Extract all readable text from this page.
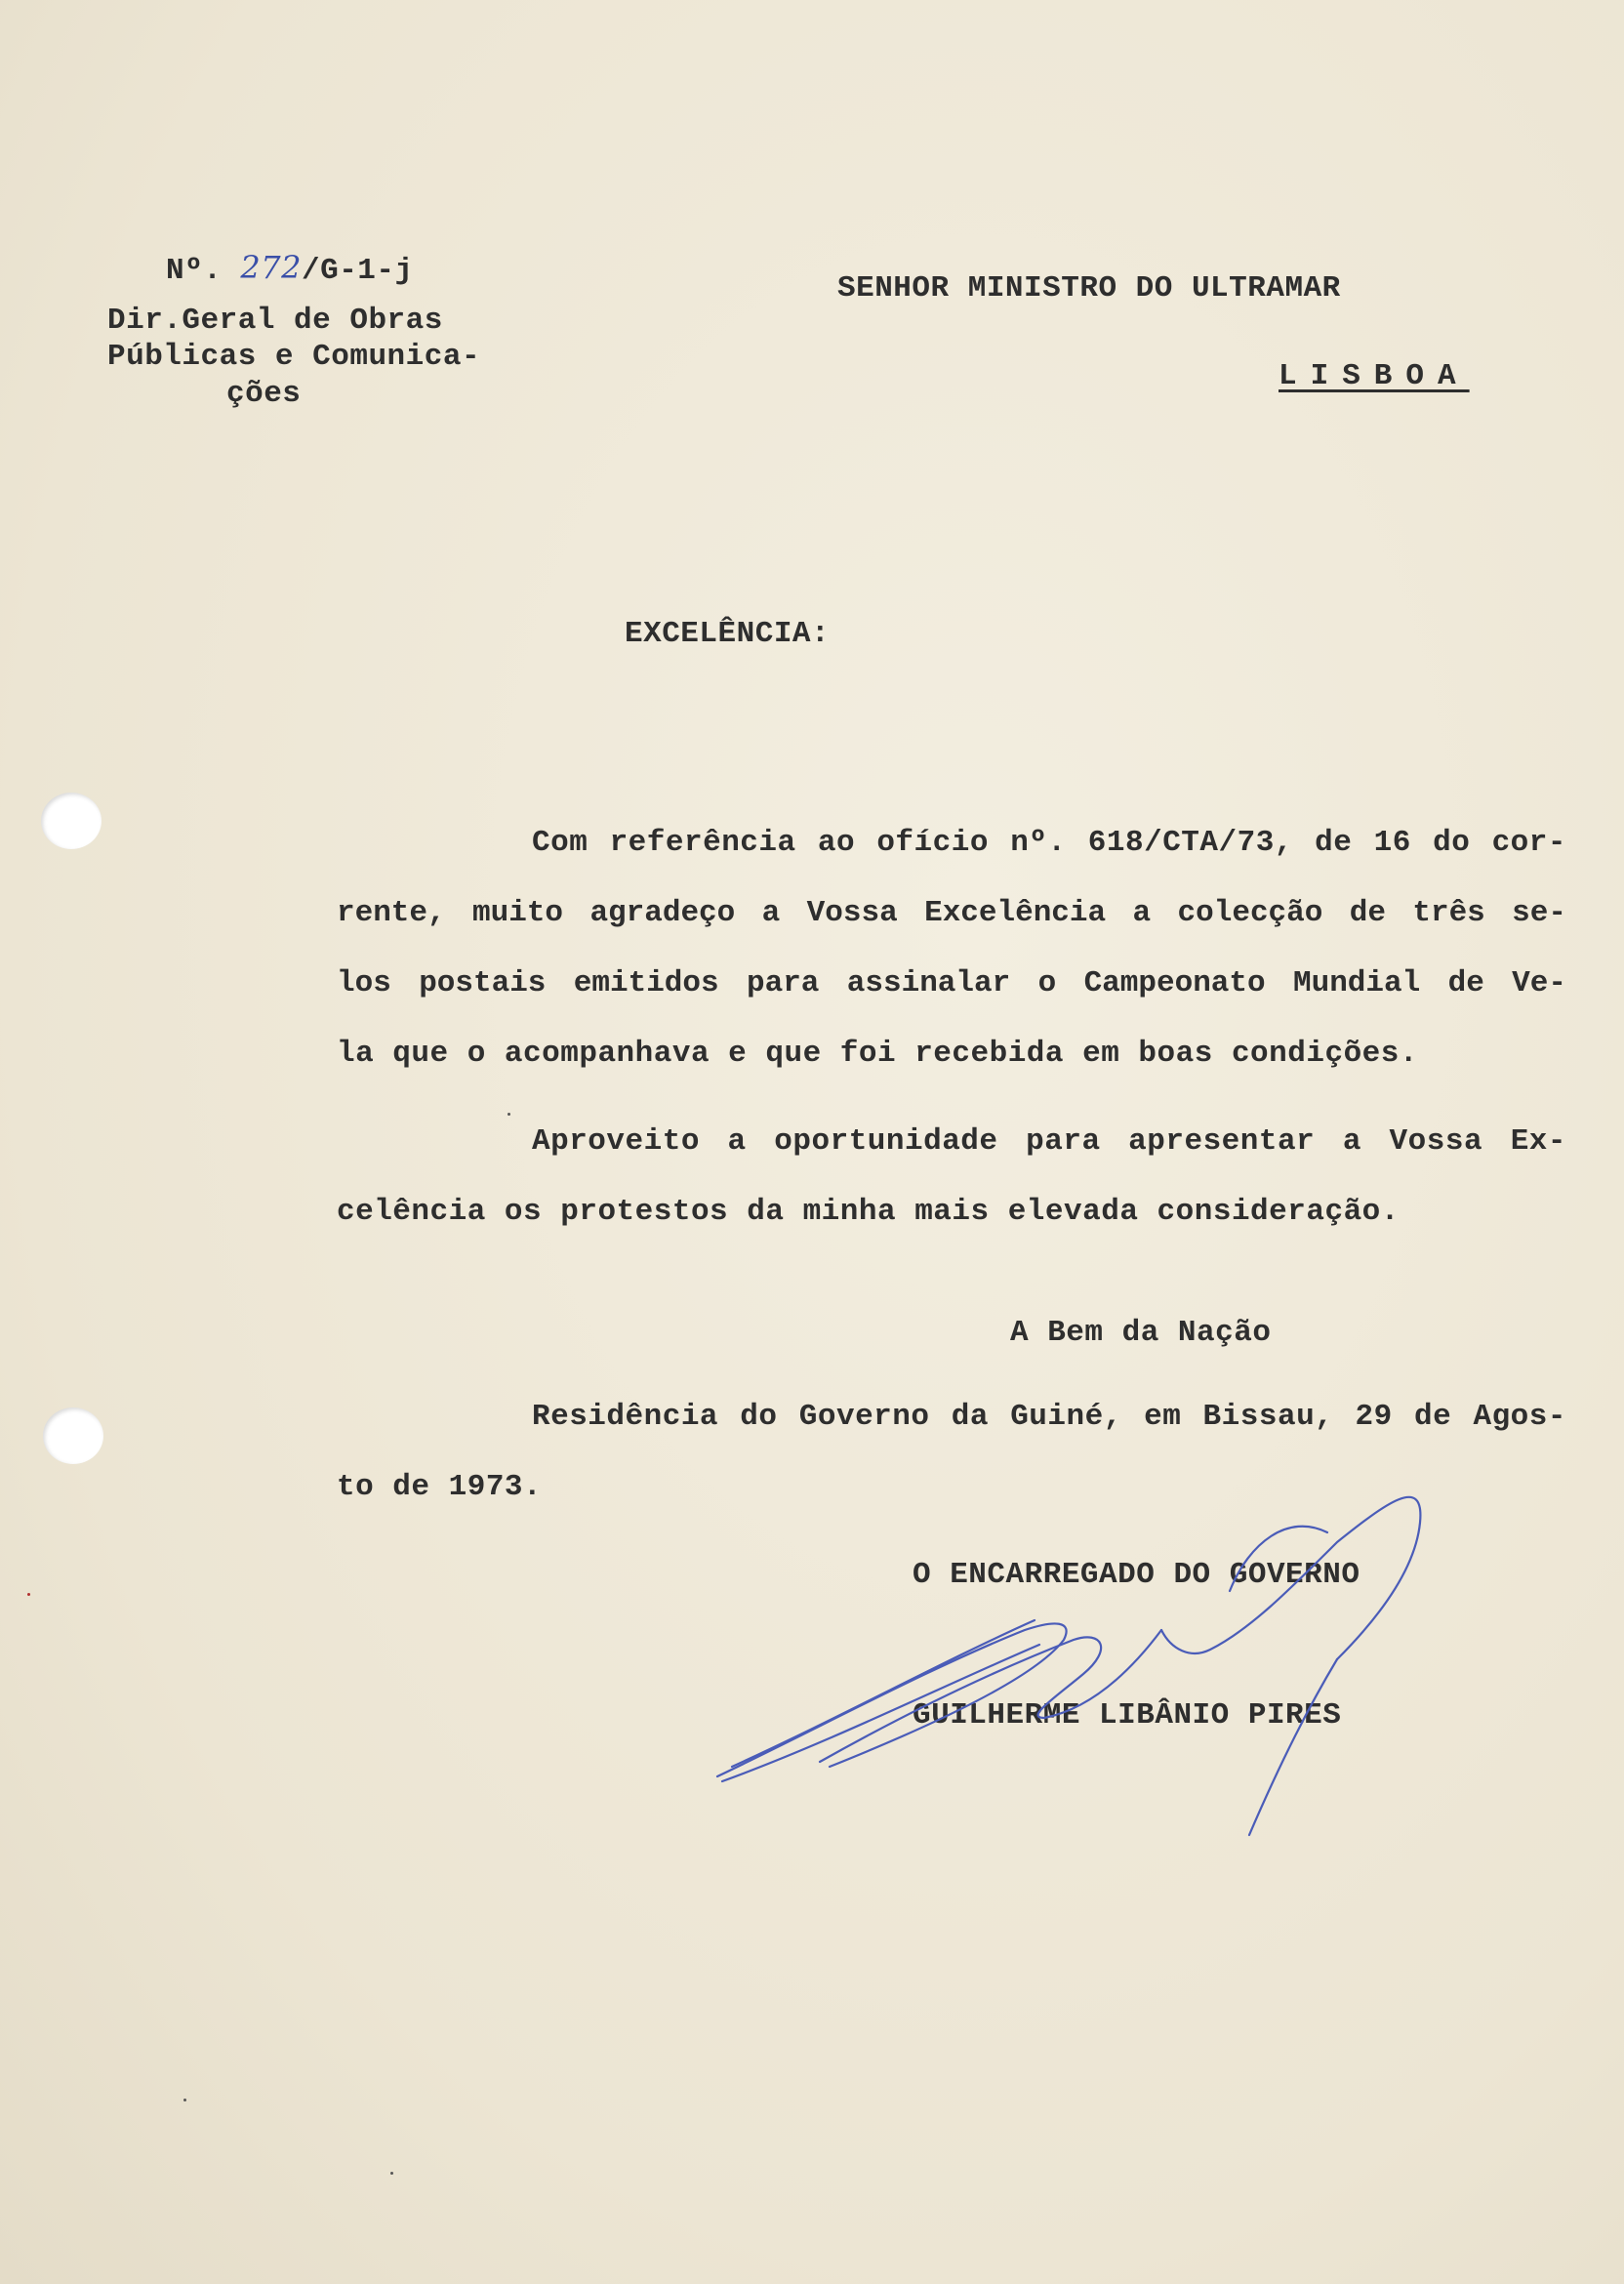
Nº. 272/G-1-j
Dir.Geral de Obras
Públicas e Comunica-
ções
SENHOR MINISTRO DO ULTRAMAR
LISBOA
EXCELÊNCIA:
Com referência ao ofício nº. 618/CTA/73, de 16 do cor-
rente, muito agradeço a Vossa Excelência a colecção de três se-
los postais emitidos para assinalar o Campeonato Mundial de Ve-
la que o acompanhava e que foi recebida em boas condições.
Aproveito a oportunidade para apresentar a Vossa Ex-
celência os protestos da minha mais elevada consideração.
A Bem da Nação
Residência do Governo da Guiné, em Bissau, 29 de Agos-
to de 1973.
O ENCARREGADO DO GOVERNO
GUILHERME LIBÂNIO PIRES
